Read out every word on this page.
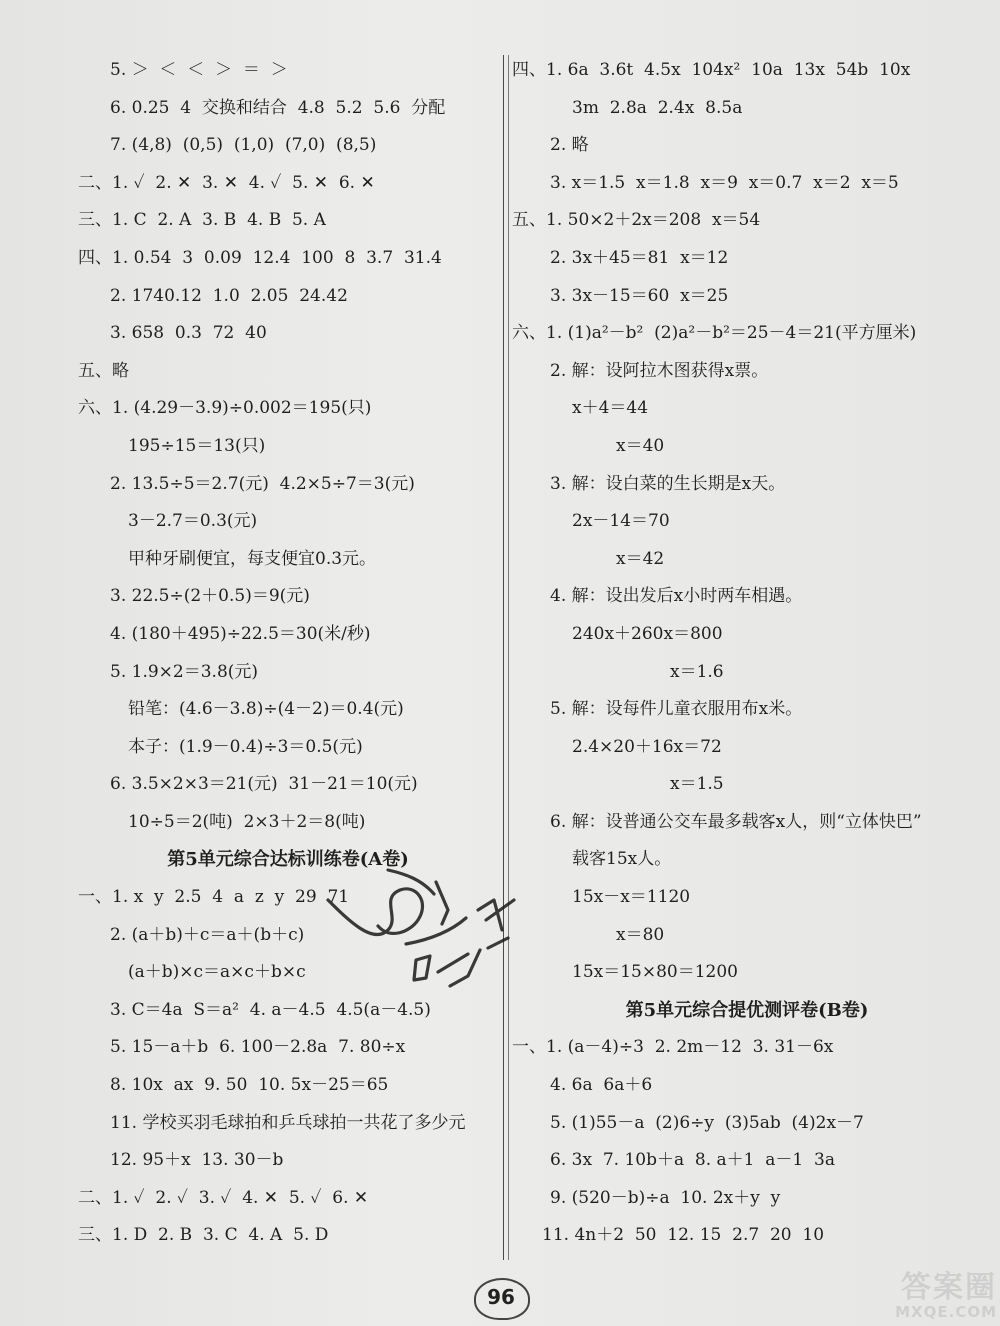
5. ＞  ＜  ＜  ＞  ＝  ＞
6. 0.25  4  交换和结合  4.8  5.2  5.6  分配
7. (4,8)  (0,5)  (1,0)  (7,0)  (8,5)
二、1. ✓  2. ✕  3. ✕  4. ✓  5. ✕  6. ✕
三、1. C  2. A  3. B  4. B  5. A
四、1. 0.54  3  0.09  12.4  100  8  3.7  31.4
2. 1740.12  1.0  2.05  24.42
3. 658  0.3  72  40
五、略
六、1. (4.29－3.9)÷0.002＝195(只)
195÷15＝13(只)
2. 13.5÷5＝2.7(元)  4.2×5÷7＝3(元)
3－2.7＝0.3(元)
甲种牙刷便宜，每支便宜0.3元。
3. 22.5÷(2＋0.5)＝9(元)
4. (180＋495)÷22.5＝30(米/秒)
5. 1.9×2＝3.8(元)
铅笔：(4.6－3.8)÷(4－2)＝0.4(元)
本子：(1.9－0.4)÷3＝0.5(元)
6. 3.5×2×3＝21(元)  31－21＝10(元)
10÷5＝2(吨)  2×3＋2＝8(吨)
第5单元综合达标训练卷(A卷)
一、1. x  y  2.5  4  a  z  y  29  71
2. (a＋b)＋c＝a＋(b＋c)
(a＋b)×c＝a×c＋b×c
3. C＝4a  S＝a²  4. a－4.5  4.5(a－4.5)
5. 15－a＋b  6. 100－2.8a  7. 80÷x
8. 10x  ax  9. 50  10. 5x－25＝65
11. 学校买羽毛球拍和乒乓球拍一共花了多少元
12. 95＋x  13. 30－b
二、1. ✓  2. ✓  3. ✓  4. ✕  5. ✓  6. ✕
三、1. D  2. B  3. C  4. A  5. D
四、1. 6a  3.6t  4.5x  104x²  10a  13x  54b  10x
3m  2.8a  2.4x  8.5a
2. 略
3. x＝1.5  x＝1.8  x＝9  x＝0.7  x＝2  x＝5
五、1. 50×2＋2x＝208  x＝54
2. 3x＋45＝81  x＝12
3. 3x－15＝60  x＝25
六、1. (1)a²－b²  (2)a²－b²＝25－4＝21(平方厘米)
2. 解：设阿拉木图获得x票。
x＋4＝44
x＝40
3. 解：设白菜的生长期是x天。
2x－14＝70
x＝42
4. 解：设出发后x小时两车相遇。
240x＋260x＝800
x＝1.6
5. 解：设每件儿童衣服用布x米。
2.4×20＋16x＝72
x＝1.5
6. 解：设普通公交车最多载客x人，则“立体快巴”
载客15x人。
15x－x＝1120
x＝80
15x＝15×80＝1200
第5单元综合提优测评卷(B卷)
一、1. (a－4)÷3  2. 2m－12  3. 31－6x
4. 6a  6a＋6
5. (1)55－a  (2)6÷y  (3)5ab  (4)2x－7
6. 3x  7. 10b＋a  8. a＋1  a－1  3a
9. (520－b)÷a  10. 2x＋y  y
11. 4n＋2  50  12. 15  2.7  20  10
96	答案圈
MXQE.COM
